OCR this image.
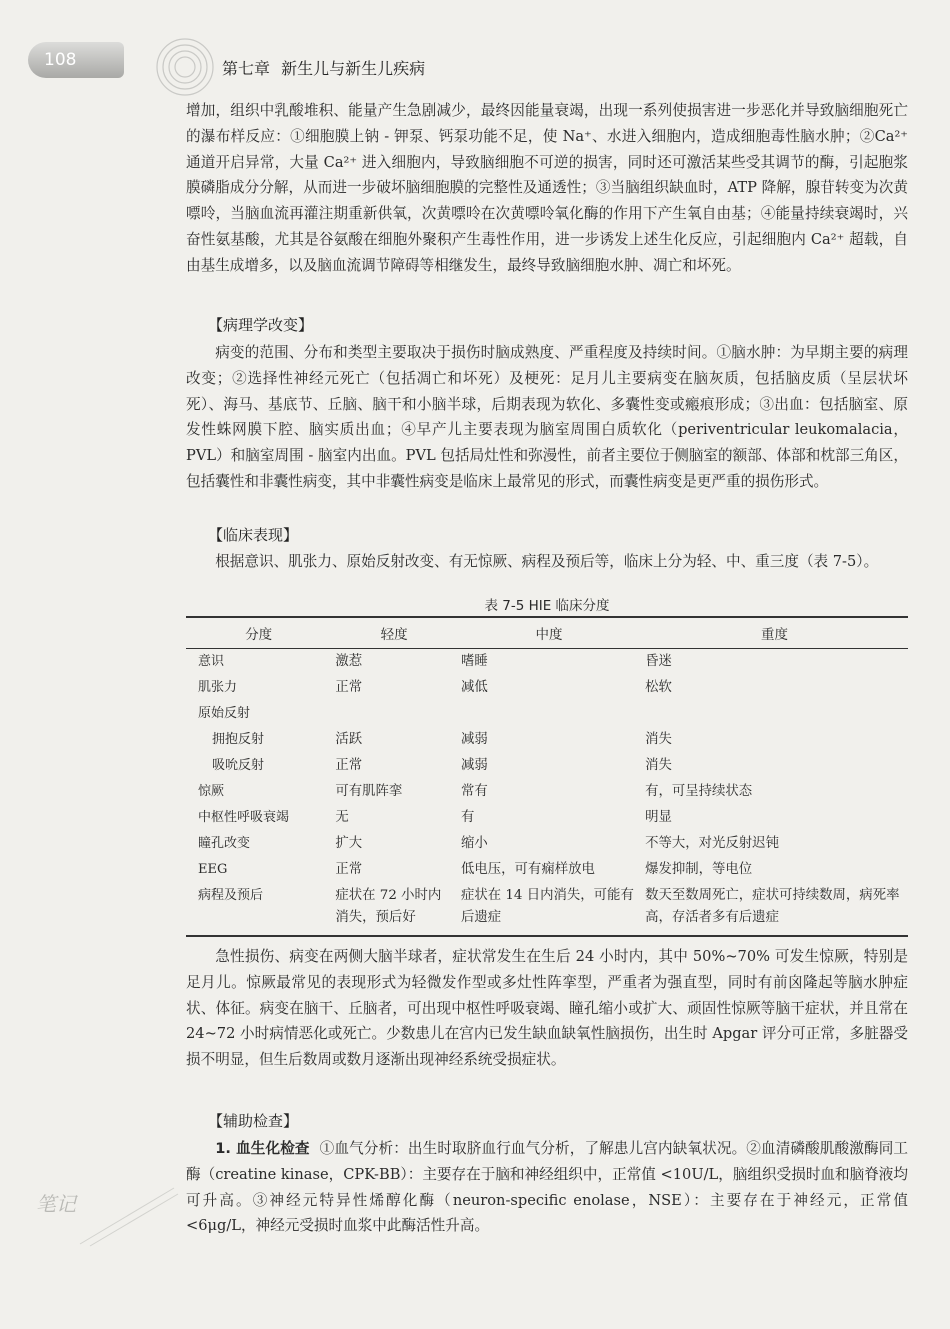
108	第七章 新生儿与新生儿疾病

增加，组织中乳酸堆积、能量产生急剧减少，最终因能量衰竭，出现一系列使损害进一步恶化并导致脑细胞死亡的瀑布样反应：①细胞膜上钠 - 钾泵、钙泵功能不足，使 Na⁺、水进入细胞内，造成细胞毒性脑水肿；②Ca²⁺ 通道开启异常，大量 Ca²⁺ 进入细胞内，导致脑细胞不可逆的损害，同时还可激活某些受其调节的酶，引起胞浆膜磷脂成分分解，从而进一步破坏脑细胞膜的完整性及通透性；③当脑组织缺血时，ATP 降解，腺苷转变为次黄嘌呤，当脑血流再灌注期重新供氧，次黄嘌呤在次黄嘌呤氧化酶的作用下产生氧自由基；④能量持续衰竭时，兴奋性氨基酸，尤其是谷氨酸在细胞外聚积产生毒性作用，进一步诱发上述生化反应，引起细胞内 Ca²⁺ 超载，自由基生成增多，以及脑血流调节障碍等相继发生，最终导致脑细胞水肿、凋亡和坏死。

【病理学改变】

病变的范围、分布和类型主要取决于损伤时脑成熟度、严重程度及持续时间。①脑水肿：为早期主要的病理改变；②选择性神经元死亡（包括凋亡和坏死）及梗死：足月儿主要病变在脑灰质，包括脑皮质（呈层状坏死）、海马、基底节、丘脑、脑干和小脑半球，后期表现为软化、多囊性变或瘢痕形成；③出血：包括脑室、原发性蛛网膜下腔、脑实质出血；④早产儿主要表现为脑室周围白质软化（periventricular leukomalacia，PVL）和脑室周围 - 脑室内出血。PVL 包括局灶性和弥漫性，前者主要位于侧脑室的额部、体部和枕部三角区，包括囊性和非囊性病变，其中非囊性病变是临床上最常见的形式，而囊性病变是更严重的损伤形式。

【临床表现】

根据意识、肌张力、原始反射改变、有无惊厥、病程及预后等，临床上分为轻、中、重三度（表 7-5）。

表 7-5 HIE 临床分度
分度	轻度	中度	重度
意识	激惹	嗜睡	昏迷
肌张力	正常	减低	松软
原始反射			
拥抱反射	活跃	减弱	消失
吸吮反射	正常	减弱	消失
惊厥	可有肌阵挛	常有	有，可呈持续状态
中枢性呼吸衰竭	无	有	明显
瞳孔改变	扩大	缩小	不等大，对光反射迟钝
EEG	正常	低电压，可有痫样放电	爆发抑制，等电位
病程及预后	症状在 72 小时内消失，预后好	症状在 14 日内消失，可能有后遗症	数天至数周死亡，症状可持续数周，病死率高，存活者多有后遗症

急性损伤、病变在两侧大脑半球者，症状常发生在生后 24 小时内，其中 50%~70% 可发生惊厥，特别是足月儿。惊厥最常见的表现形式为轻微发作型或多灶性阵挛型，严重者为强直型，同时有前囟隆起等脑水肿症状、体征。病变在脑干、丘脑者，可出现中枢性呼吸衰竭、瞳孔缩小或扩大、顽固性惊厥等脑干症状，并且常在 24~72 小时病情恶化或死亡。少数患儿在宫内已发生缺血缺氧性脑损伤，出生时 Apgar 评分可正常，多脏器受损不明显，但生后数周或数月逐渐出现神经系统受损症状。

【辅助检查】

1. 血生化检查 ①血气分析：出生时取脐血行血气分析，了解患儿宫内缺氧状况。②血清磷酸肌酸激酶同工酶（creatine kinase，CPK-BB）：主要存在于脑和神经组织中，正常值 <10U/L，脑组织受损时血和脑脊液均可升高。③神经元特异性烯醇化酶（neuron-specific enolase，NSE）：主要存在于神经元，正常值 <6μg/L，神经元受损时血浆中此酶活性升高。

笔记
